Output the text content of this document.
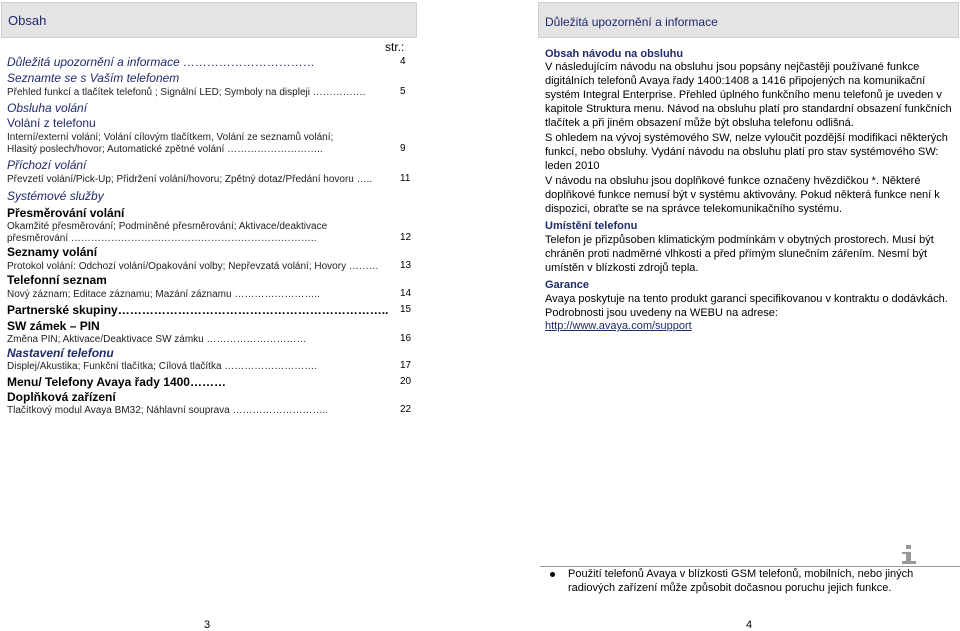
Obsah	Důležitá upozornění a informace
str.:
Důležitá upozornění a informace ……………………………	4
Seznamte se s Vaším telefonem
Přehled funkcí a tlačítek telefonů ; Signální LED; Symboly na displeji …………….	5
Obsluha volání
Volání z telefonu
Interní/externí volání; Volání cílovým tlačítkem, Volání ze seznamů volání;
Hlasitý poslech/hovor; Automatické zpětné volání ………………………..	9
Příchozí volání
Převzetí volání/Pick-Up; Přidržení volání/hovoru; Zpětný dotaz/Předání hovoru …..	11
Systémové služby
Přesměrování volání
Okamžité přesměrování; Podmíněné přesměrování; Aktivace/deaktivace
přesměrování ………………………………………………………………..	12
Seznamy volání
Protokol volání: Odchozí volání/Opakování volby; Nepřevzatá volání; Hovory ………	13
Telefonní seznam
Nový záznam; Editace záznamu; Mazání záznamu ……………………..	14
Partnerské skupiny…………………………………………………………..	15
SW zámek – PIN
Změna PIN; Aktivace/Deaktivace SW zámku …………………………	16
Nastavení telefonu
Displej/Akustika; Funkční tlačítka; Cílová tlačítka ……………………….	17
Menu/ Telefony Avaya řady 1400………	20
Doplňková zařízení
Tlačítkový modul Avaya BM32; Náhlavní souprava ………………………..	22
Obsah návodu na obsluhu
V následujícím návodu na obsluhu jsou popsány nejčastěji používané funkce digitálních telefonů Avaya řady 1400:1408 a 1416 připojených na komunikační systém Integral Enterprise. Přehled úplného funkčního menu telefonů je uveden v kapitole Struktura menu. Návod na obsluhu platí pro standardní obsazení funkčních tlačítek a při jiném obsazení může být obsluha telefonu odlišná.
S ohledem na vývoj systémového SW, nelze vyloučit pozdější modifikaci některých funkcí, nebo obsluhy. Vydání návodu na obsluhu platí pro stav systémového SW: leden 2010
V návodu na obsluhu jsou doplňkové funkce označeny hvězdičkou *. Některé doplňkové funkce nemusí být v systému aktivovány. Pokud některá funkce není k dispozici, obraťte se na správce telekomunikačního systému.
Umístění telefonu
Telefon je přizpůsoben klimatickým podmínkám v obytných prostorech. Musí být chráněn proti nadměrné vlhkosti a před přímým slunečním zářením. Nesmí být umístěn v blízkosti zdrojů tepla.
Garance
Avaya poskytuje na tento produkt garanci specifikovanou v kontraktu o dodávkách. Podrobnosti jsou uvedeny na WEBU na adrese:
http://www.avaya.com/support
Použití telefonů Avaya v blízkosti GSM telefonů, mobilních, nebo jiných radiových zařízení může způsobit dočasnou poruchu jejich funkce.
3	4
